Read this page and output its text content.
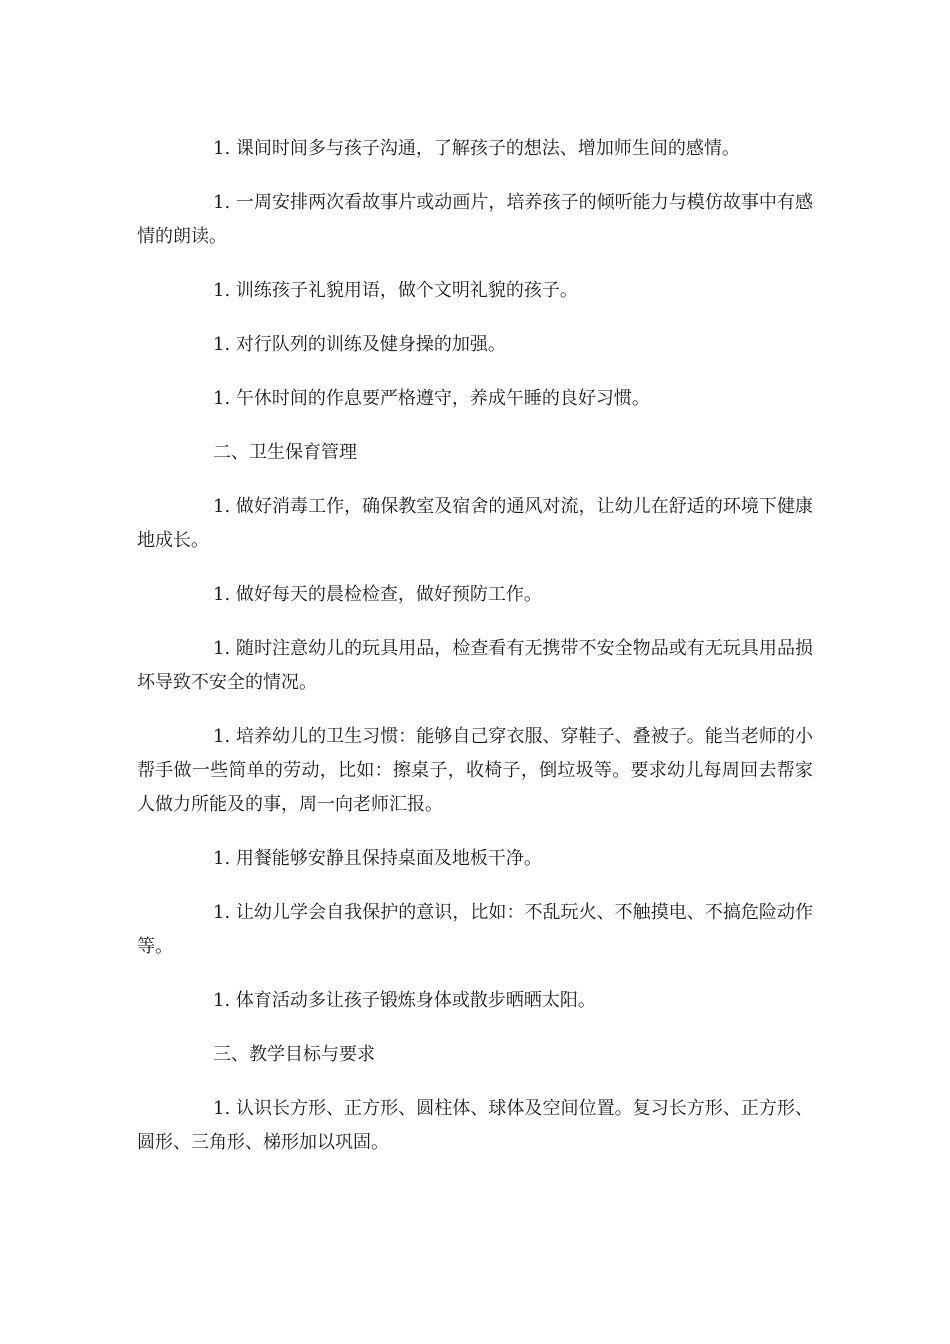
1. 课间时间多与孩子沟通，了解孩子的想法、增加师生间的感情。

1. 一周安排两次看故事片或动画片，培养孩子的倾听能力与模仿故事中有感情的朗读。

1. 训练孩子礼貌用语，做个文明礼貌的孩子。

1. 对行队列的训练及健身操的加强。

1. 午休时间的作息要严格遵守，养成午睡的良好习惯。

二、卫生保育管理

1. 做好消毒工作，确保教室及宿舍的通风对流，让幼儿在舒适的环境下健康地成长。

1. 做好每天的晨检检查，做好预防工作。

1. 随时注意幼儿的玩具用品，检查看有无携带不安全物品或有无玩具用品损坏导致不安全的情况。

1. 培养幼儿的卫生习惯：能够自己穿衣服、穿鞋子、叠被子。能当老师的小帮手做一些简单的劳动，比如：擦桌子，收椅子，倒垃圾等。要求幼儿每周回去帮家人做力所能及的事，周一向老师汇报。

1. 用餐能够安静且保持桌面及地板干净。

1. 让幼儿学会自我保护的意识，比如：不乱玩火、不触摸电、不搞危险动作等。

1. 体育活动多让孩子锻炼身体或散步晒晒太阳。

三、教学目标与要求

1. 认识长方形、正方形、圆柱体、球体及空间位置。复习长方形、正方形、圆形、三角形、梯形加以巩固。
